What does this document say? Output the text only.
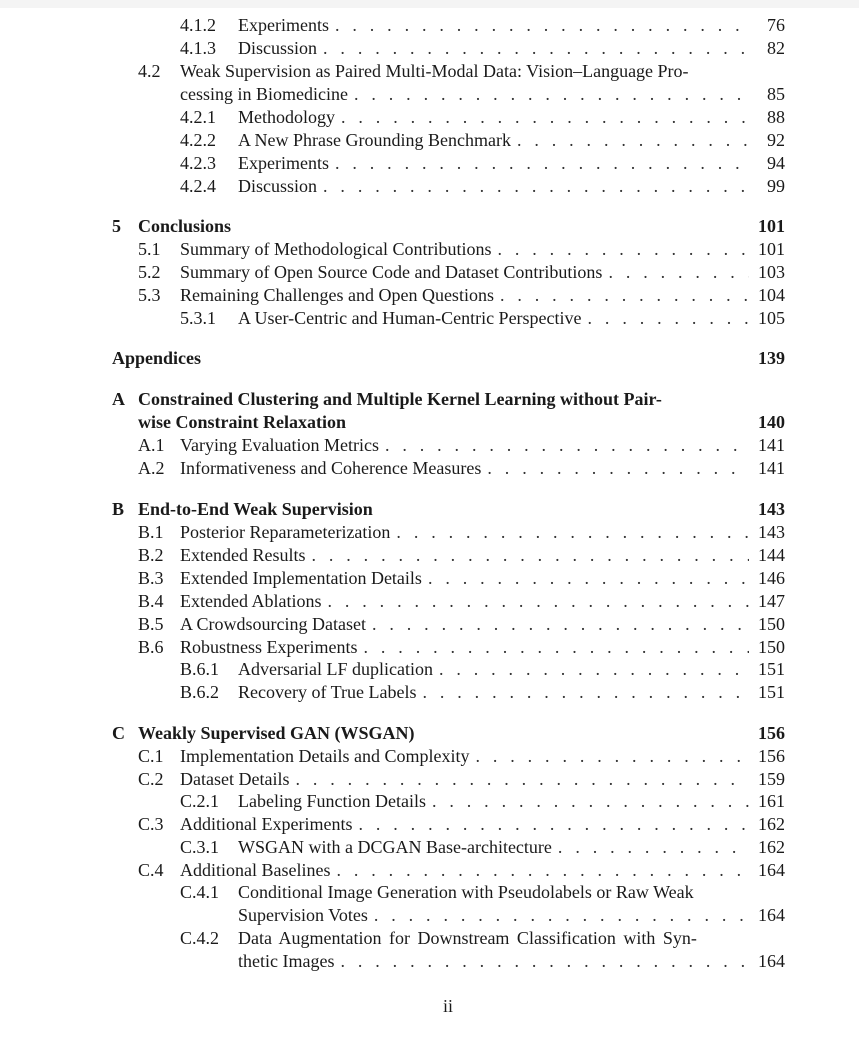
4.1.2	Experiments . . .	76
4.1.3	Discussion . . .	82
4.2	Weak Supervision as Paired Multi-Modal Data: Vision–Language Pro-
cessing in Biomedicine . . .	85
4.2.1	Methodology . . .	88
4.2.2	A New Phrase Grounding Benchmark . . .	92
4.2.3	Experiments . . .	94
4.2.4	Discussion . . .	99
5 Conclusions	101
5.1	Summary of Methodological Contributions . . .	101
5.2	Summary of Open Source Code and Dataset Contributions . . .	103
5.3	Remaining Challenges and Open Questions . . .	104
5.3.1	A User-Centric and Human-Centric Perspective . . .	105
Appendices	139
A Constrained Clustering and Multiple Kernel Learning without Pair-
wise Constraint Relaxation	140
A.1 Varying Evaluation Metrics . . .	141
A.2 Informativeness and Coherence Measures . . .	141
B End-to-End Weak Supervision	143
B.1 Posterior Reparameterization . . .	143
B.2 Extended Results . . .	144
B.3 Extended Implementation Details . . .	146
B.4 Extended Ablations . . .	147
B.5 A Crowdsourcing Dataset . . .	150
B.6 Robustness Experiments . . .	150
B.6.1	Adversarial LF duplication . . .	151
B.6.2	Recovery of True Labels . . .	151
C Weakly Supervised GAN (WSGAN)	156
C.1 Implementation Details and Complexity . . .	156
C.2 Dataset Details . . .	159
C.2.1	Labeling Function Details . . .	161
C.3 Additional Experiments . . .	162
C.3.1	WSGAN with a DCGAN Base-architecture . . .	162
C.4 Additional Baselines . . .	164
C.4.1	Conditional Image Generation with Pseudolabels or Raw Weak
Supervision Votes . . .	164
C.4.2	Data Augmentation for Downstream Classification with Syn-
thetic Images . . .	164
ii
